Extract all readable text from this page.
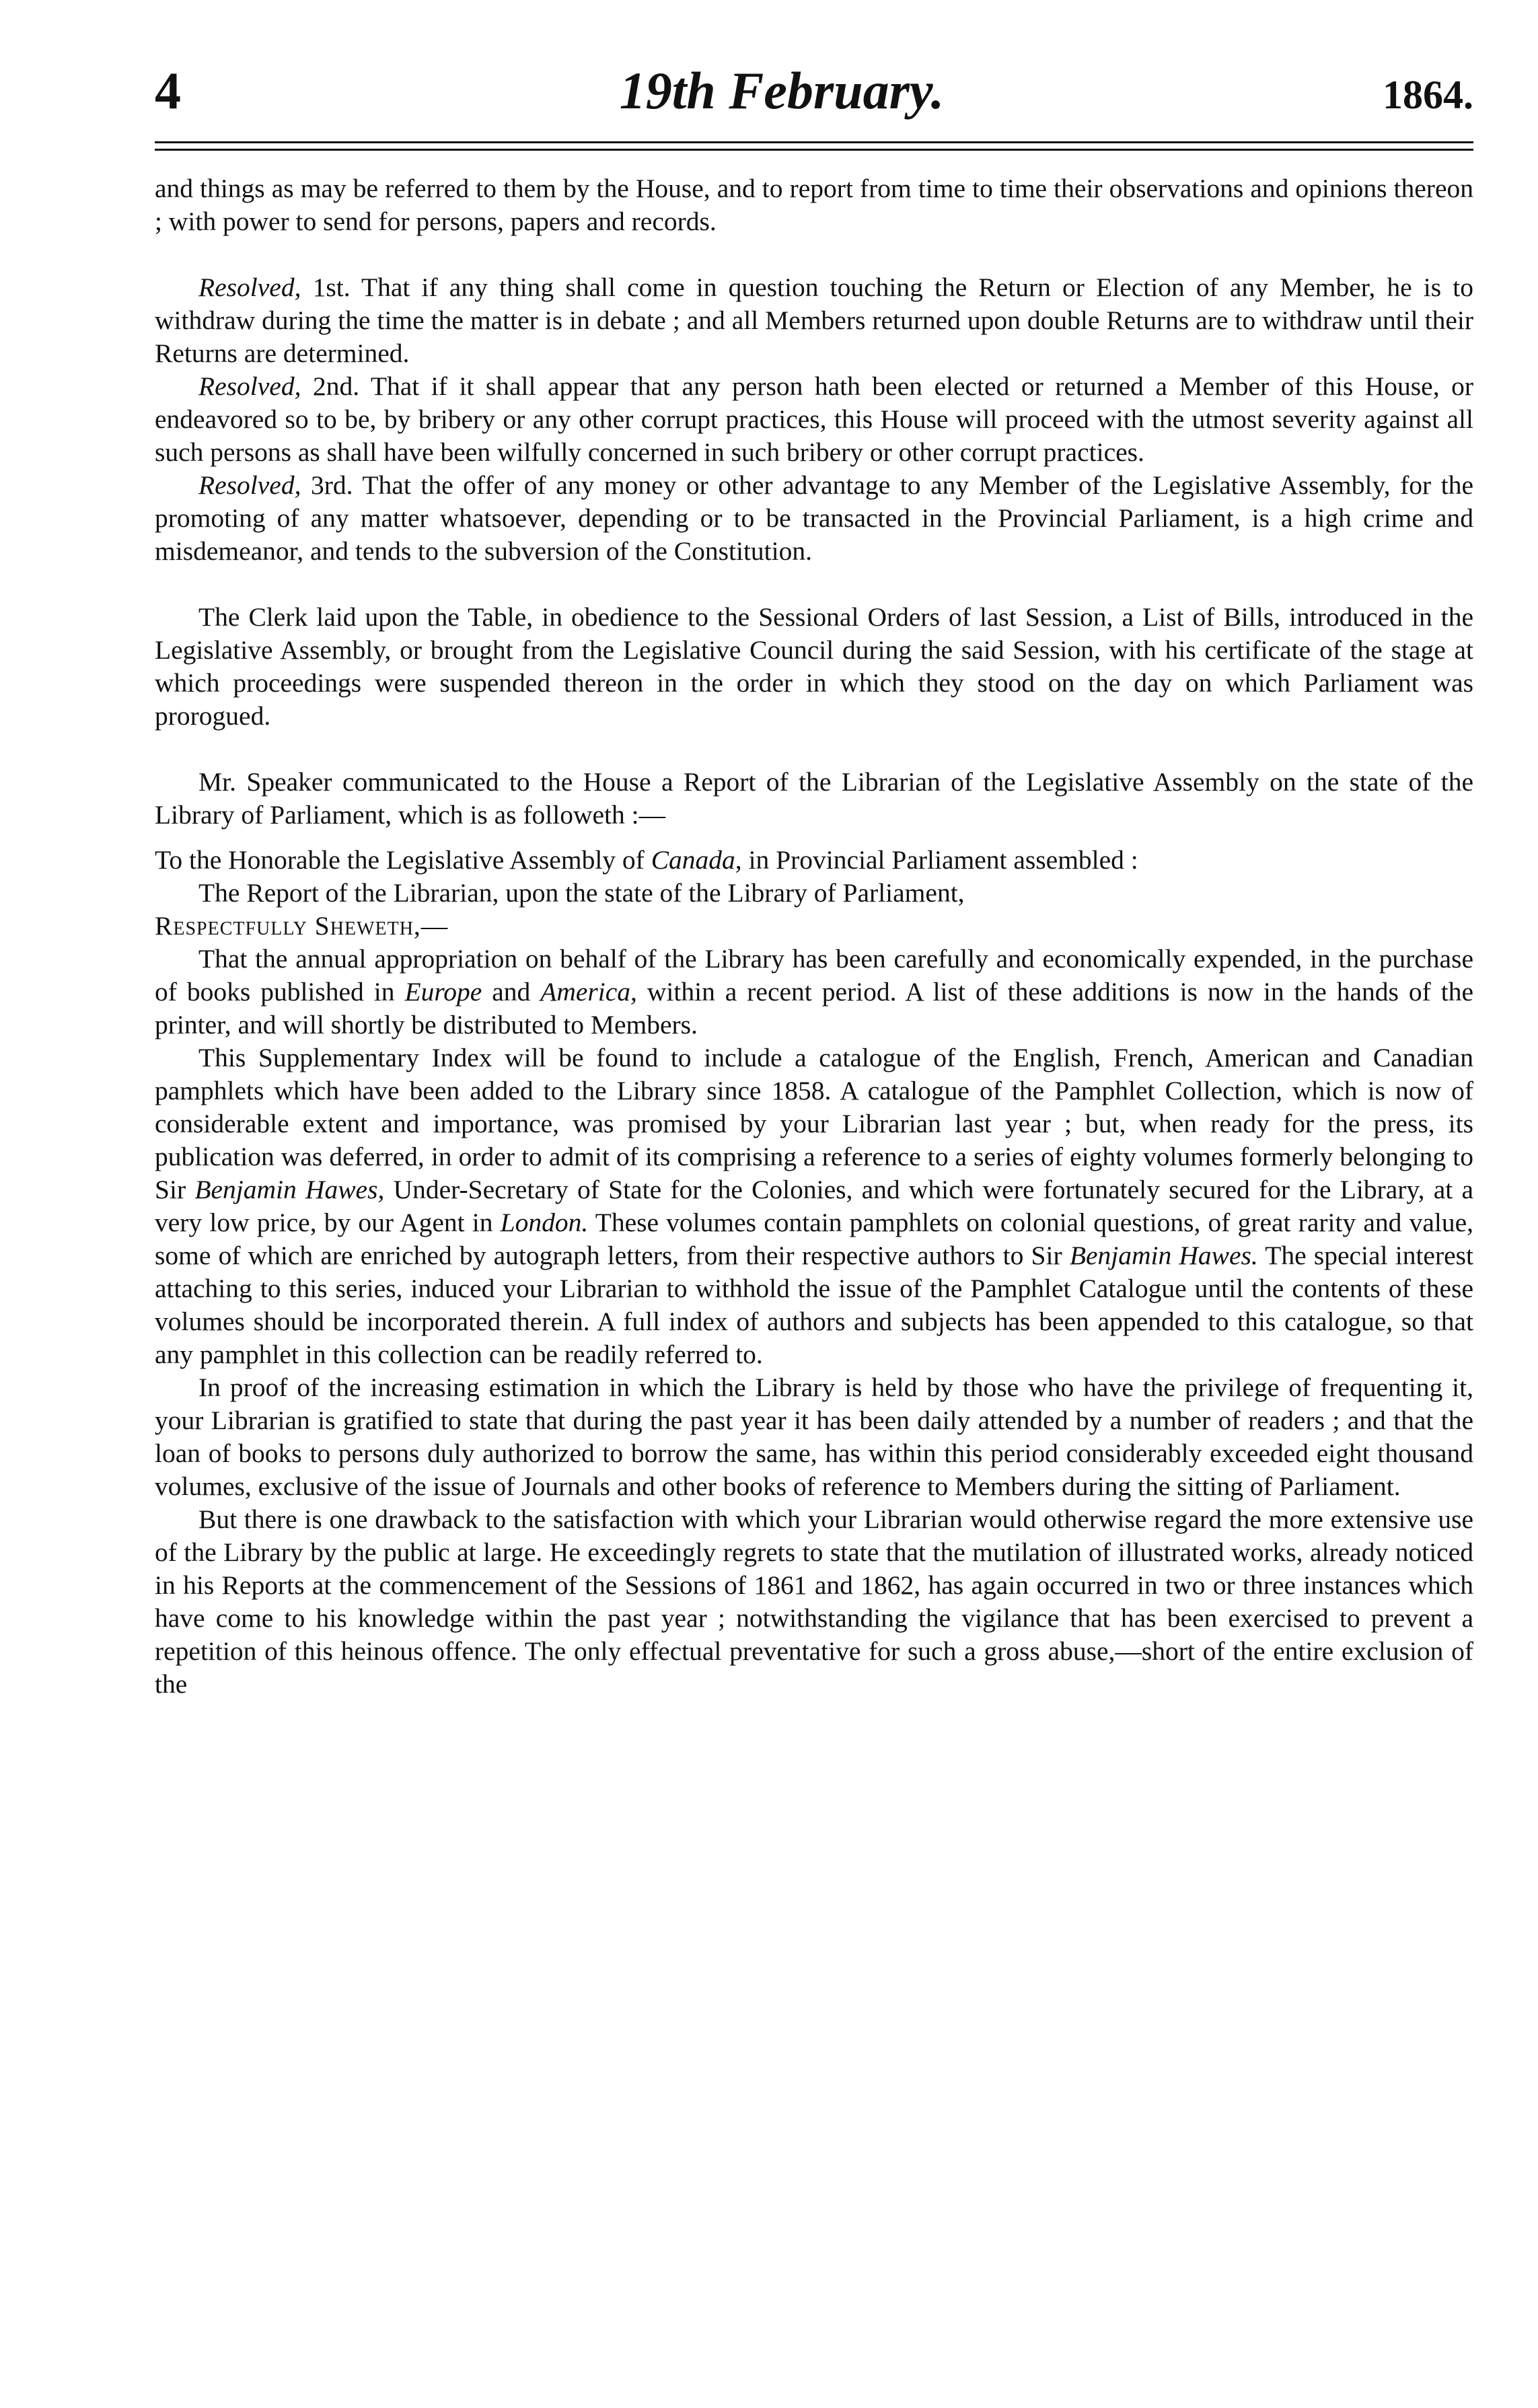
4	19th February.	1864.

and things as may be referred to them by the House, and to report from time to time their observations and opinions thereon ; with power to send for persons, papers and records.

Resolved, 1st. That if any thing shall come in question touching the Return or Election of any Member, he is to withdraw during the time the matter is in debate ; and all Members returned upon double Returns are to withdraw until their Returns are determined.

Resolved, 2nd. That if it shall appear that any person hath been elected or returned a Member of this House, or endeavored so to be, by bribery or any other corrupt practices, this House will proceed with the utmost severity against all such persons as shall have been wilfully concerned in such bribery or other corrupt practices.

Resolved, 3rd. That the offer of any money or other advantage to any Member of the Legislative Assembly, for the promoting of any matter whatsoever, depending or to be transacted in the Provincial Parliament, is a high crime and misdemeanor, and tends to the subversion of the Constitution.

The Clerk laid upon the Table, in obedience to the Sessional Orders of last Session, a List of Bills, introduced in the Legislative Assembly, or brought from the Legislative Council during the said Session, with his certificate of the stage at which proceedings were suspended thereon in the order in which they stood on the day on which Parliament was prorogued.

Mr. Speaker communicated to the House a Report of the Librarian of the Legislative Assembly on the state of the Library of Parliament, which is as followeth :—

To the Honorable the Legislative Assembly of Canada, in Provincial Parliament assembled :

The Report of the Librarian, upon the state of the Library of Parliament,

Respectfully Sheweth,—

That the annual appropriation on behalf of the Library has been carefully and economically expended, in the purchase of books published in Europe and America, within a recent period. A list of these additions is now in the hands of the printer, and will shortly be distributed to Members.

This Supplementary Index will be found to include a catalogue of the English, French, American and Canadian pamphlets which have been added to the Library since 1858. A catalogue of the Pamphlet Collection, which is now of considerable extent and importance, was promised by your Librarian last year ; but, when ready for the press, its publication was deferred, in order to admit of its comprising a reference to a series of eighty volumes formerly belonging to Sir Benjamin Hawes, Under-Secretary of State for the Colonies, and which were fortunately secured for the Library, at a very low price, by our Agent in London. These volumes contain pamphlets on colonial questions, of great rarity and value, some of which are enriched by autograph letters, from their respective authors to Sir Benjamin Hawes. The special interest attaching to this series, induced your Librarian to withhold the issue of the Pamphlet Catalogue until the contents of these volumes should be incorporated therein. A full index of authors and subjects has been appended to this catalogue, so that any pamphlet in this collection can be readily referred to.

In proof of the increasing estimation in which the Library is held by those who have the privilege of frequenting it, your Librarian is gratified to state that during the past year it has been daily attended by a number of readers ; and that the loan of books to persons duly authorized to borrow the same, has within this period considerably exceeded eight thousand volumes, exclusive of the issue of Journals and other books of reference to Members during the sitting of Parliament.

But there is one drawback to the satisfaction with which your Librarian would otherwise regard the more extensive use of the Library by the public at large. He exceedingly regrets to state that the mutilation of illustrated works, already noticed in his Reports at the commencement of the Sessions of 1861 and 1862, has again occurred in two or three instances which have come to his knowledge within the past year ; notwithstanding the vigilance that has been exercised to prevent a repetition of this heinous offence. The only effectual preventative for such a gross abuse,—short of the entire exclusion of the
